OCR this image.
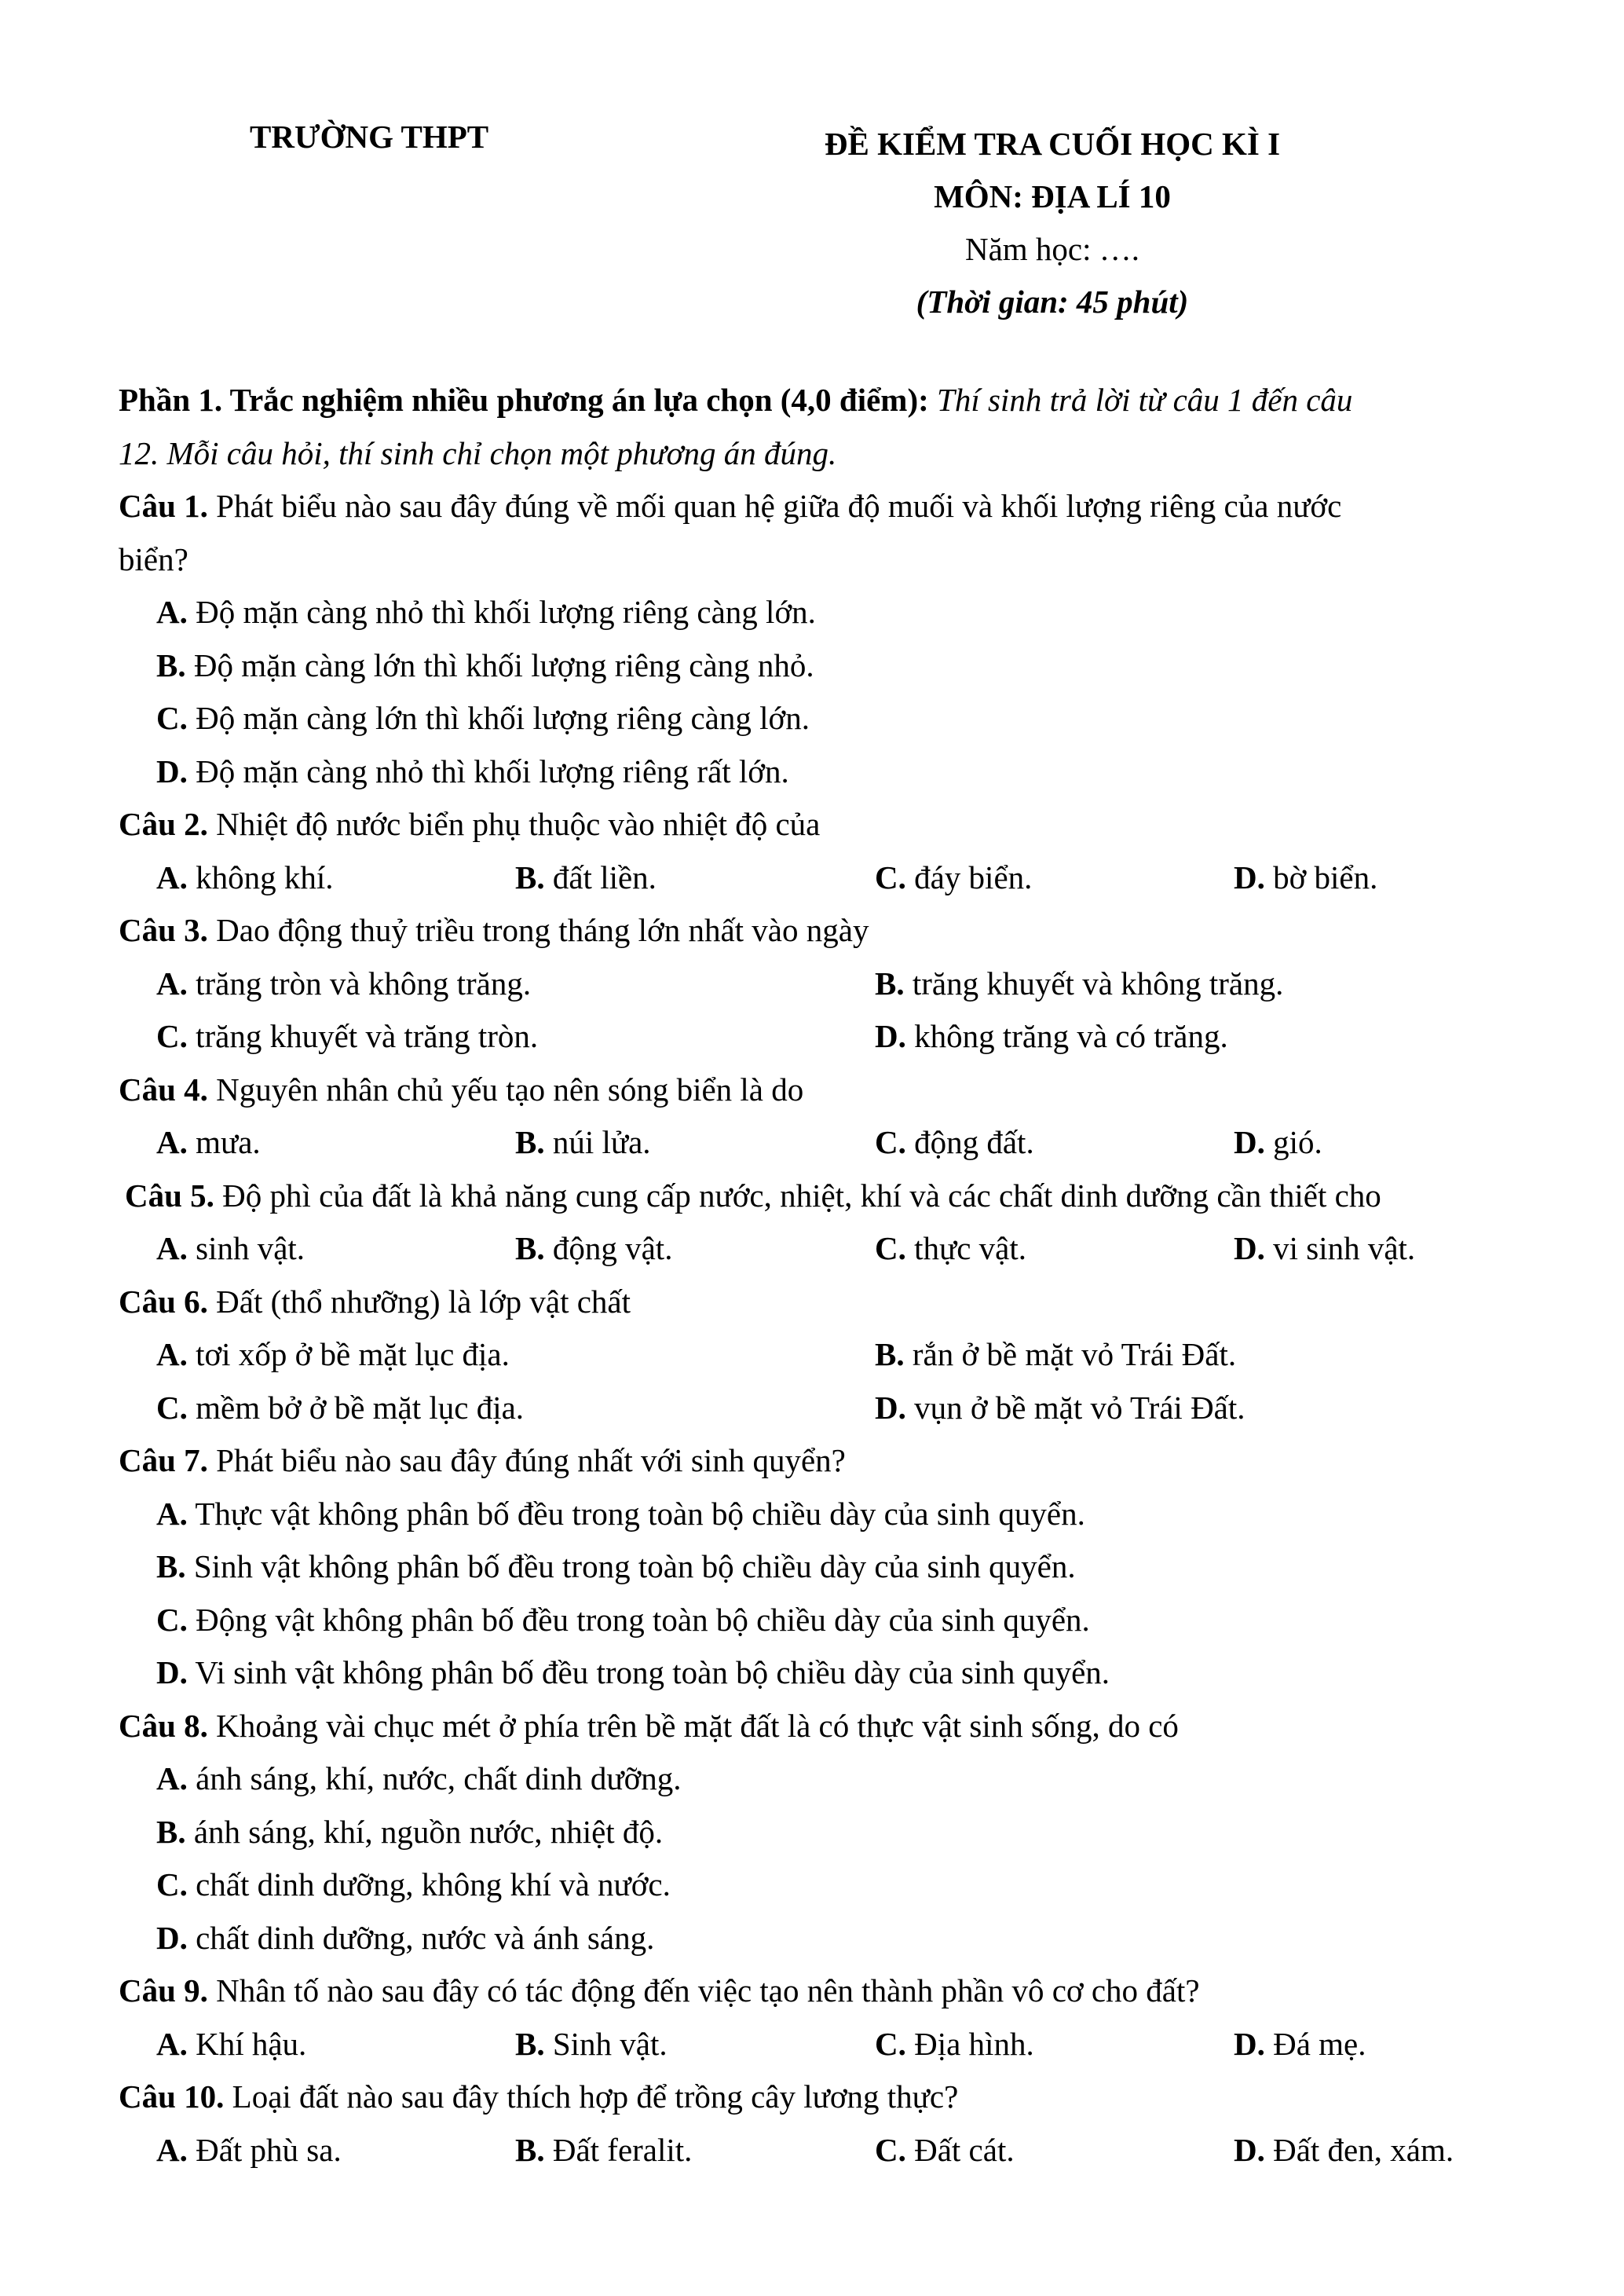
TRƯỜNG THPT	ĐỀ KIỂM TRA CUỐI HỌC KÌ I
MÔN: ĐỊA LÍ 10
Năm học: ….
(Thời gian: 45 phút)
Phần 1. Trắc nghiệm nhiều phương án lựa chọn (4,0 điểm): Thí sinh trả lời từ câu 1 đến câu
12. Mỗi câu hỏi, thí sinh chỉ chọn một phương án đúng.
Câu 1. Phát biểu nào sau đây đúng về mối quan hệ giữa độ muối và khối lượng riêng của nước
biển?
A. Độ mặn càng nhỏ thì khối lượng riêng càng lớn.
B. Độ mặn càng lớn thì khối lượng riêng càng nhỏ.
C. Độ mặn càng lớn thì khối lượng riêng càng lớn.
D. Độ mặn càng nhỏ thì khối lượng riêng rất lớn.
Câu 2. Nhiệt độ nước biển phụ thuộc vào nhiệt độ của
A. không khí.	B. đất liền.	C. đáy biển.	D. bờ biển.
Câu 3. Dao động thuỷ triều trong tháng lớn nhất vào ngày
A. trăng tròn và không trăng.	B. trăng khuyết và không trăng.
C. trăng khuyết và trăng tròn.	D. không trăng và có trăng.
Câu 4. Nguyên nhân chủ yếu tạo nên sóng biển là do
A. mưa.	B. núi lửa.	C. động đất.	D. gió.
Câu 5. Độ phì của đất là khả năng cung cấp nước, nhiệt, khí và các chất dinh dưỡng cần thiết cho
A. sinh vật.	B. động vật.	C. thực vật.	D. vi sinh vật.
Câu 6. Đất (thổ nhưỡng) là lớp vật chất
A. tơi xốp ở bề mặt lục địa.	B. rắn ở bề mặt vỏ Trái Đất.
C. mềm bở ở bề mặt lục địa.	D. vụn ở bề mặt vỏ Trái Đất.
Câu 7. Phát biểu nào sau đây đúng nhất với sinh quyển?
A. Thực vật không phân bố đều trong toàn bộ chiều dày của sinh quyển.
B. Sinh vật không phân bố đều trong toàn bộ chiều dày của sinh quyển.
C. Động vật không phân bố đều trong toàn bộ chiều dày của sinh quyển.
D. Vi sinh vật không phân bố đều trong toàn bộ chiều dày của sinh quyển.
Câu 8. Khoảng vài chục mét ở phía trên bề mặt đất là có thực vật sinh sống, do có
A. ánh sáng, khí, nước, chất dinh dưỡng.
B. ánh sáng, khí, nguồn nước, nhiệt độ.
C. chất dinh dưỡng, không khí và nước.
D. chất dinh dưỡng, nước và ánh sáng.
Câu 9. Nhân tố nào sau đây có tác động đến việc tạo nên thành phần vô cơ cho đất?
A. Khí hậu.	B. Sinh vật.	C. Địa hình.	D. Đá mẹ.
Câu 10. Loại đất nào sau đây thích hợp để trồng cây lương thực?
A. Đất phù sa.	B. Đất feralit.	C. Đất cát.	D. Đất đen, xám.
